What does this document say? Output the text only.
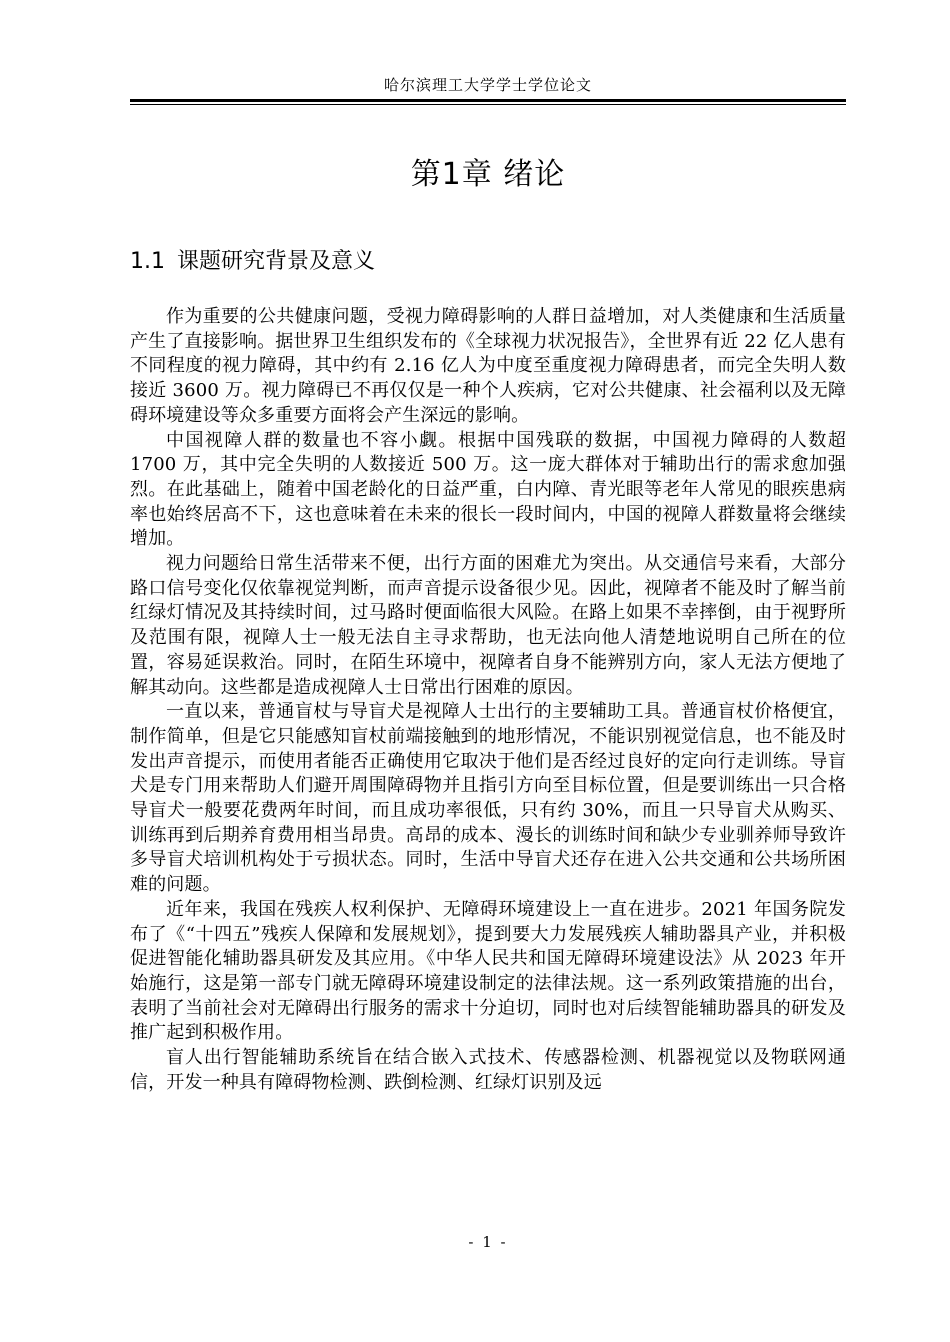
哈尔滨理工大学学士学位论文
第1章 绪论
1.1 课题研究背景及意义

作为重要的公共健康问题，受视力障碍影响的人群日益增加，对人类健康和生活质量产生了直接影响。据世界卫生组织发布的《全球视力状况报告》，全世界有近 22 亿人患有不同程度的视力障碍，其中约有 2.16 亿人为中度至重度视力障碍患者，而完全失明人数接近 3600 万。视力障碍已不再仅仅是一种个人疾病，它对公共健康、社会福利以及无障碍环境建设等众多重要方面将会产生深远的影响。

中国视障人群的数量也不容小觑。根据中国残联的数据，中国视力障碍的人数超 1700 万，其中完全失明的人数接近 500 万。这一庞大群体对于辅助出行的需求愈加强烈。在此基础上，随着中国老龄化的日益严重，白内障、青光眼等老年人常见的眼疾患病率也始终居高不下，这也意味着在未来的很长一段时间内，中国的视障人群数量将会继续增加。

视力问题给日常生活带来不便，出行方面的困难尤为突出。从交通信号来看，大部分路口信号变化仅依靠视觉判断，而声音提示设备很少见。因此，视障者不能及时了解当前红绿灯情况及其持续时间，过马路时便面临很大风险。在路上如果不幸摔倒，由于视野所及范围有限，视障人士一般无法自主寻求帮助，也无法向他人清楚地说明自己所在的位置，容易延误救治。同时，在陌生环境中，视障者自身不能辨别方向，家人无法方便地了解其动向。这些都是造成视障人士日常出行困难的原因。

一直以来，普通盲杖与导盲犬是视障人士出行的主要辅助工具。普通盲杖价格便宜，制作简单，但是它只能感知盲杖前端接触到的地形情况，不能识别视觉信息，也不能及时发出声音提示，而使用者能否正确使用它取决于他们是否经过良好的定向行走训练。导盲犬是专门用来帮助人们避开周围障碍物并且指引方向至目标位置，但是要训练出一只合格导盲犬一般要花费两年时间，而且成功率很低，只有约 30%，而且一只导盲犬从购买、训练再到后期养育费用相当昂贵。高昂的成本、漫长的训练时间和缺少专业驯养师导致许多导盲犬培训机构处于亏损状态。同时，生活中导盲犬还存在进入公共交通和公共场所困难的问题。

近年来，我国在残疾人权利保护、无障碍环境建设上一直在进步。2021 年国务院发布了《“十四五”残疾人保障和发展规划》，提到要大力发展残疾人辅助器具产业，并积极促进智能化辅助器具研发及其应用。《中华人民共和国无障碍环境建设法》从 2023 年开始施行，这是第一部专门就无障碍环境建设制定的法律法规。这一系列政策措施的出台，表明了当前社会对无障碍出行服务的需求十分迫切，同时也对后续智能辅助器具的研发及推广起到积极作用。

盲人出行智能辅助系统旨在结合嵌入式技术、传感器检测、机器视觉以及物联网通信，开发一种具有障碍物检测、跌倒检测、红绿灯识别及远

- 1 -
